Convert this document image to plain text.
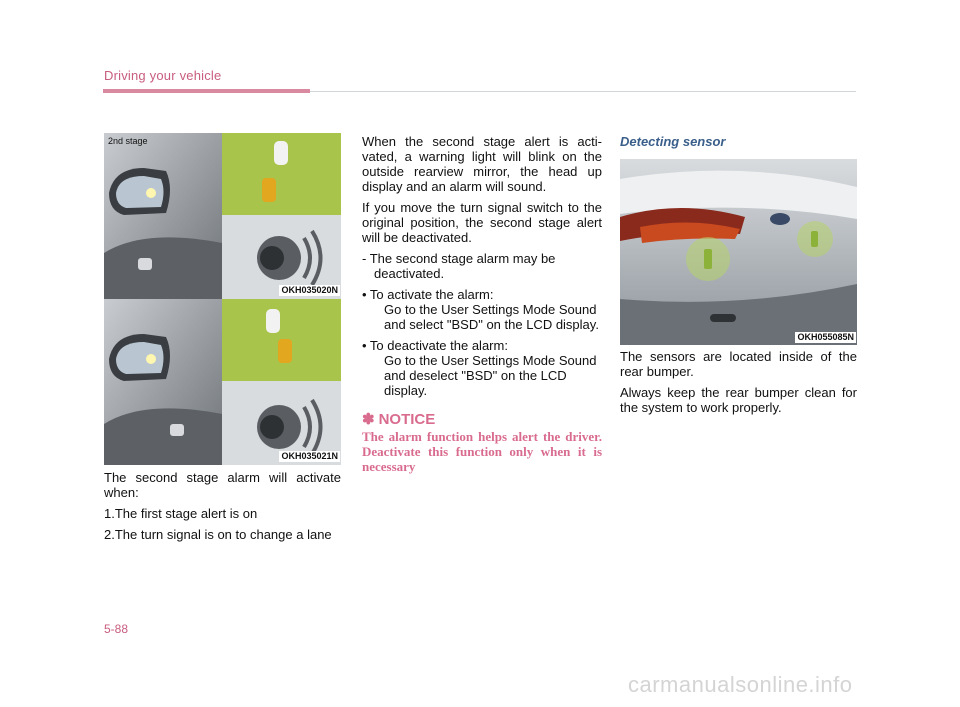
Driving your vehicle
2nd stage
OKH035020N
OKH035021N

The second stage alarm will activate when:

1.The first stage alert is on
2.The turn signal is on to change a lane

When the second stage alert is acti- vated, a warning light will blink on the outside rearview mirror, the head up display and an alarm will sound.

If you move the turn signal switch to the original position, the second stage alert will be deactivated.

- The second stage alarm may be deactivated.
• To activate the alarm:
Go to the User Settings Mode Sound and select "BSD" on the LCD display.
• To deactivate the alarm:
Go to the User Settings Mode Sound and deselect "BSD" on the LCD display.
✽ NOTICE
The alarm function helps alert the driver. Deactivate this function only when it is necessary
Detecting sensor
OKH055085N

The sensors are located inside of the rear bumper.

Always keep the rear bumper clean for the system to work properly.

5-88
carmanualsonline.info
